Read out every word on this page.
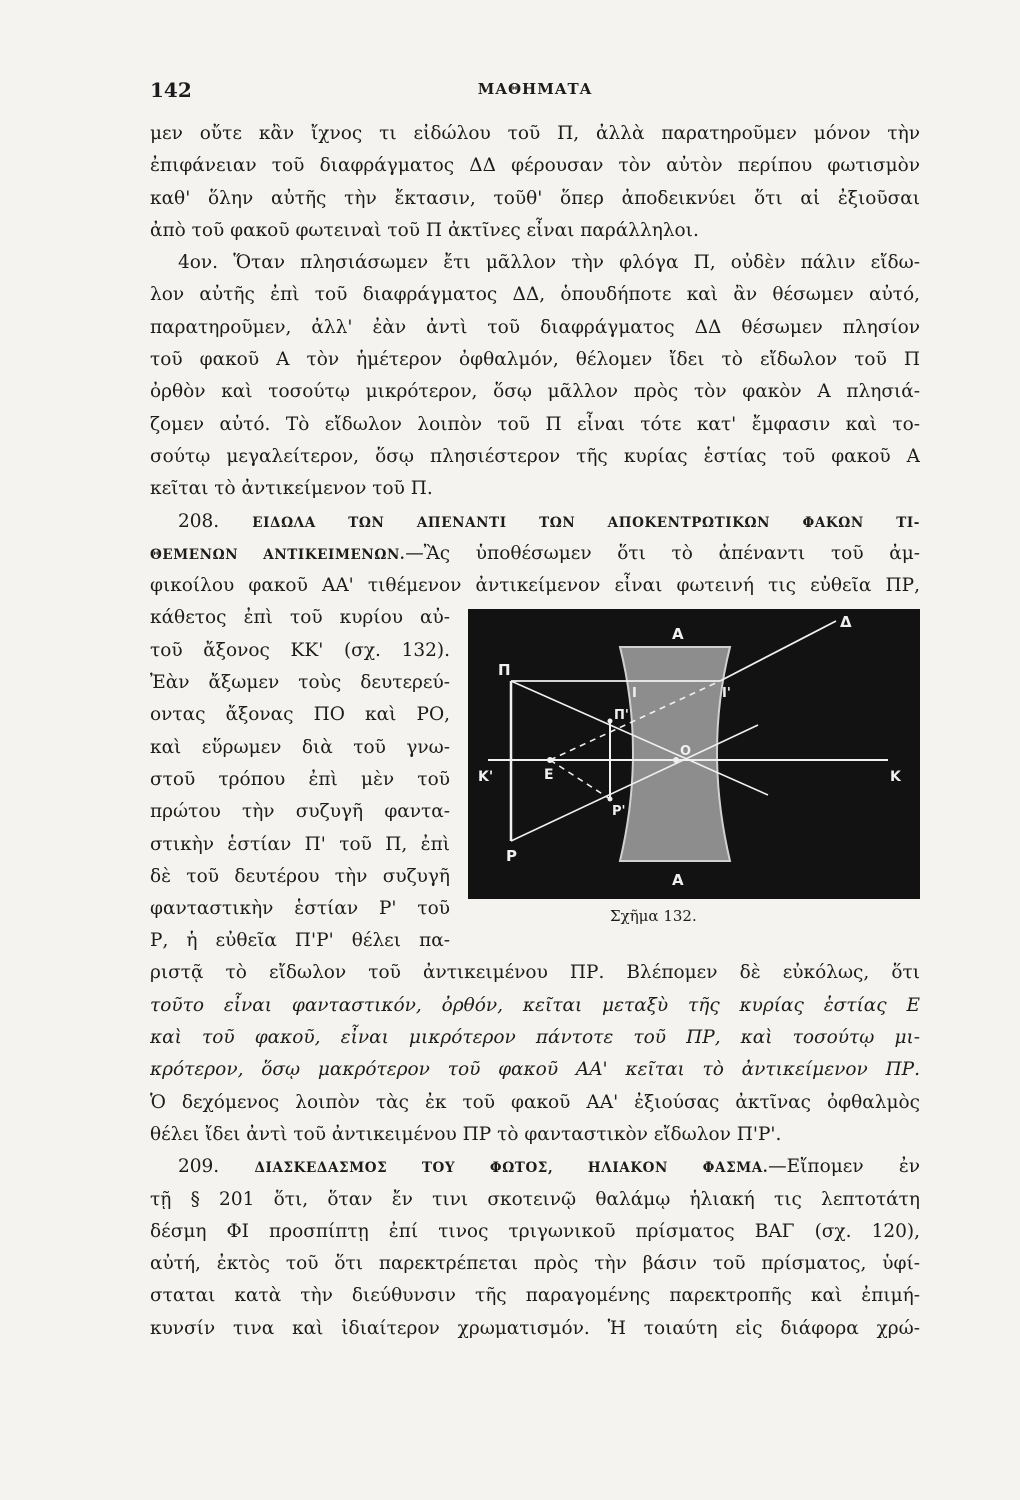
142	ΜΑΘΗΜΑΤΑ
μεν οὔτε κἂν ἴχνος τι εἰδώλου τοῦ Π, ἀλλὰ παρατηροῦμεν μόνον τὴν
ἐπιφάνειαν τοῦ διαφράγματος ΔΔ φέρουσαν τὸν αὐτὸν περίπου φωτισμὸν
καθ' ὅλην αὐτῆς τὴν ἔκτασιν, τοῦθ' ὅπερ ἀποδεικνύει ὅτι αἱ ἐξιοῦσαι
ἀπὸ τοῦ φακοῦ φωτειναὶ τοῦ Π ἀκτῖνες εἶναι παράλληλοι.
4ον. Ὅταν πλησιάσωμεν ἔτι μᾶλλον τὴν φλόγα Π, οὐδὲν πάλιν εἴδω-
λον αὐτῆς ἐπὶ τοῦ διαφράγματος ΔΔ, ὁπουδήποτε καὶ ἂν θέσωμεν αὐτό,
παρατηροῦμεν, ἀλλ' ἐὰν ἀντὶ τοῦ διαφράγματος ΔΔ θέσωμεν πλησίον
τοῦ φακοῦ Α τὸν ἡμέτερον ὀφθαλμόν, θέλομεν ἴδει τὸ εἴδωλον τοῦ Π
ὀρθὸν καὶ τοσούτῳ μικρότερον, ὅσῳ μᾶλλον πρὸς τὸν φακὸν Α πλησιά-
ζομεν αὐτό. Τὸ εἴδωλον λοιπὸν τοῦ Π εἶναι τότε κατ' ἔμφασιν καὶ το-
σούτῳ μεγαλείτερον, ὅσῳ πλησιέστερον τῆς κυρίας ἑστίας τοῦ φακοῦ Α
κεῖται τὸ ἀντικείμενον τοῦ Π.
208. ΕΙΔΩΛΑ ΤΩΝ ΑΠΕΝΑΝΤΙ ΤΩΝ ΑΠΟΚΕΝΤΡΩΤΙΚΩΝ ΦΑΚΩΝ ΤΙ-
ΘΕΜΕΝΩΝ ΑΝΤΙΚΕΙΜΕΝΩΝ.—Ἂς ὑποθέσωμεν ὅτι τὸ ἀπέναντι τοῦ ἀμ-
φικοίλου φακοῦ ΑΑ' τιθέμενον ἀντικείμενον εἶναι φωτεινή τις εὐθεῖα ΠΡ,
κάθετος ἐπὶ τοῦ κυρίου αὐ-
τοῦ ἄξονος ΚΚ' (σχ. 132).
Ἐὰν ἄξωμεν τοὺς δευτερεύ-
οντας ἄξονας ΠΟ καὶ ΡΟ,
καὶ εὕρωμεν διὰ τοῦ γνω-
στοῦ τρόπου ἐπὶ μὲν τοῦ
πρώτου τὴν συζυγῆ φαντα-
στικὴν ἑστίαν Π' τοῦ Π, ἐπὶ
δὲ τοῦ δευτέρου τὴν συζυγῆ
φανταστικὴν ἑστίαν Ρ' τοῦ
Ρ, ἡ εὐθεῖα Π'Ρ' θέλει πα-
Α
Α
Δ
Π
Ι	Ι'
Π'
Κ'	Ε
Ο
Κ
Ρ'
Ρ
Σχῆμα 132.
ριστᾷ τὸ εἴδωλον τοῦ ἀντικειμένου ΠΡ. Βλέπομεν δὲ εὐκόλως, ὅτι
τοῦτο εἶναι φανταστικόν, ὀρθόν, κεῖται μεταξὺ τῆς κυρίας ἑστίας Ε
καὶ τοῦ φακοῦ, εἶναι μικρότερον πάντοτε τοῦ ΠΡ, καὶ τοσούτῳ μι-
κρότερον, ὅσῳ μακρότερον τοῦ φακοῦ ΑΑ' κεῖται τὸ ἀντικείμενον ΠΡ.
Ὁ δεχόμενος λοιπὸν τὰς ἐκ τοῦ φακοῦ ΑΑ' ἐξιούσας ἀκτῖνας ὀφθαλμὸς
θέλει ἴδει ἀντὶ τοῦ ἀντικειμένου ΠΡ τὸ φανταστικὸν εἴδωλον Π'Ρ'.
209.	ΔΙΑΣΚΕΔΑΣΜΟΣ ΤΟΥ ΦΩΤΟΣ, ΗΛΙΑΚΟΝ ΦΑΣΜΑ.—Εἴπομεν ἐν
τῇ § 201 ὅτι, ὅταν ἔν τινι σκοτεινῷ θαλάμῳ ἡλιακή τις λεπτοτάτη
δέσμη ΦΙ προσπίπτῃ ἐπί τινος τριγωνικοῦ πρίσματος ΒΑΓ (σχ. 120),
αὐτή, ἐκτὸς τοῦ ὅτι παρεκτρέπεται πρὸς τὴν βάσιν τοῦ πρίσματος, ὑφί-
σταται κατὰ τὴν διεύθυνσιν τῆς παραγομένης παρεκτροπῆς καὶ ἐπιμή-
κυνσίν τινα καὶ ἰδιαίτερον χρωματισμόν. Ἡ τοιαύτη εἰς διάφορα χρώ-
